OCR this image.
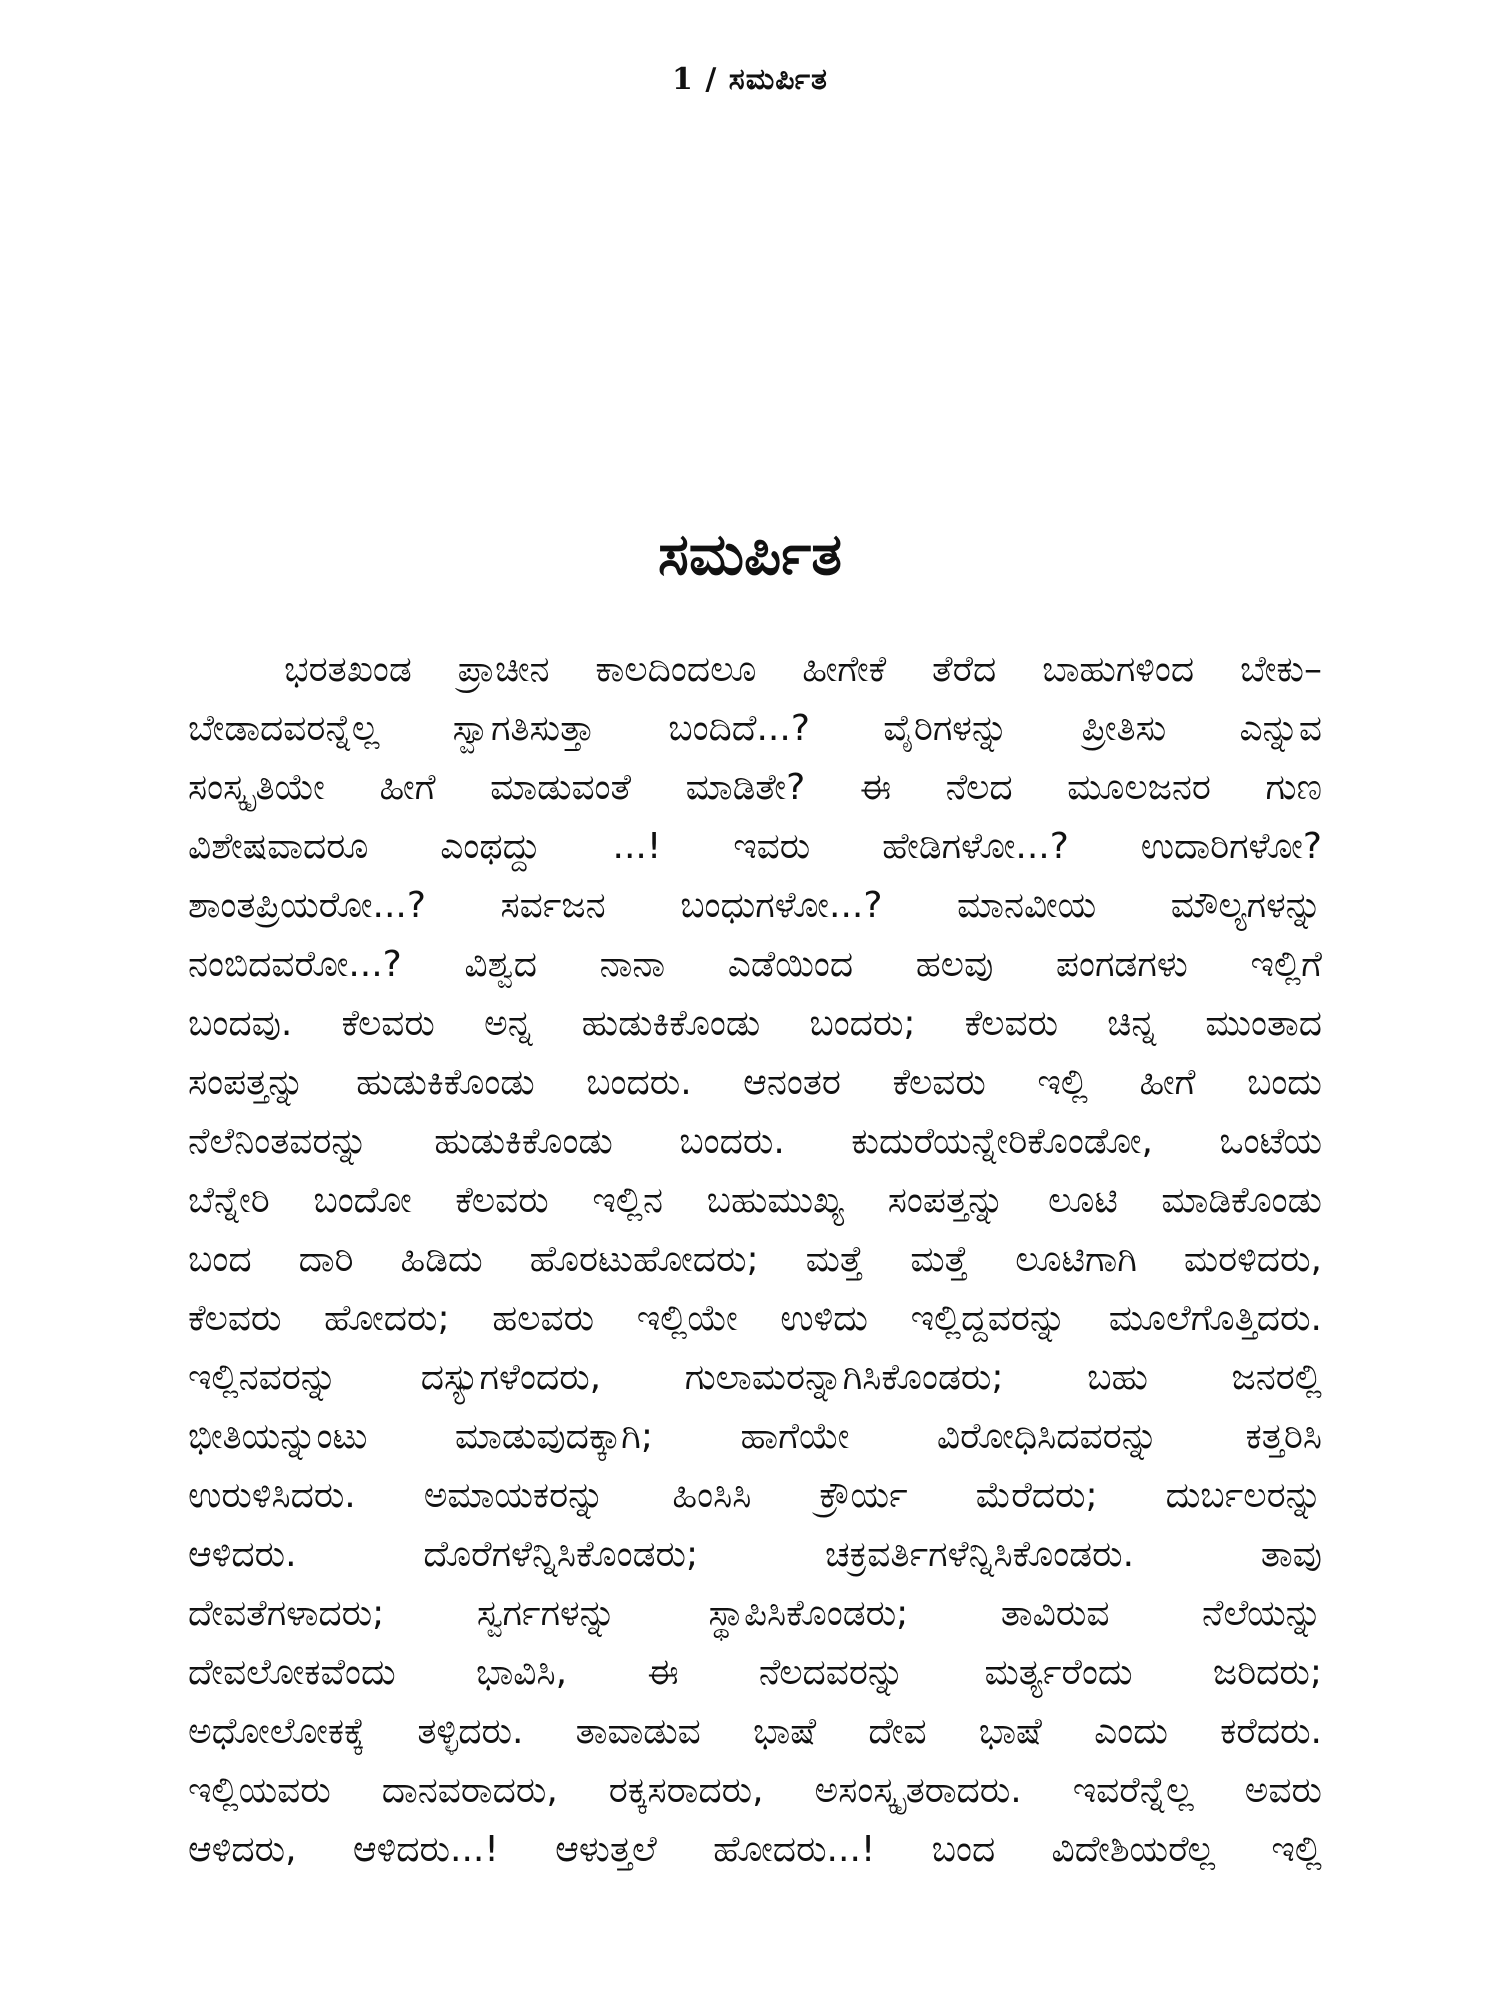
1 / ಸಮರ್ಪಿತ
ಸಮರ್ಪಿತ
ಭರತಖಂಡ ಪ್ರಾಚೀನ ಕಾಲದಿಂದಲೂ ಹೀಗೇಕೆ ತೆರೆದ ಬಾಹುಗಳಿಂದ ಬೇಕು–
ಬೇಡಾದವರನ್ನೆಲ್ಲ ಸ್ವಾಗತಿಸುತ್ತಾ ಬಂದಿದೆ...? ವೈರಿಗಳನ್ನು ಪ್ರೀತಿಸು ಎನ್ನುವ
ಸಂಸ್ಕೃತಿಯೇ ಹೀಗೆ ಮಾಡುವಂತೆ ಮಾಡಿತೇ? ಈ ನೆಲದ ಮೂಲಜನರ ಗುಣ
ವಿಶೇಷವಾದರೂ ಎಂಥದ್ದು ...! ಇವರು ಹೇಡಿಗಳೋ...? ಉದಾರಿಗಳೋ?
ಶಾಂತಪ್ರಿಯರೋ...? ಸರ್ವಜನ ಬಂಧುಗಳೋ...? ಮಾನವೀಯ ಮೌಲ್ಯಗಳನ್ನು
ನಂಬಿದವರೋ...? ವಿಶ್ವದ ನಾನಾ ಎಡೆಯಿಂದ ಹಲವು ಪಂಗಡಗಳು ಇಲ್ಲಿಗೆ
ಬಂದವು. ಕೆಲವರು ಅನ್ನ ಹುಡುಕಿಕೊಂಡು ಬಂದರು; ಕೆಲವರು ಚಿನ್ನ ಮುಂತಾದ
ಸಂಪತ್ತನ್ನು ಹುಡುಕಿಕೊಂಡು ಬಂದರು. ಆನಂತರ ಕೆಲವರು ಇಲ್ಲಿ ಹೀಗೆ ಬಂದು
ನೆಲೆನಿಂತವರನ್ನು ಹುಡುಕಿಕೊಂಡು ಬಂದರು. ಕುದುರೆಯನ್ನೇರಿಕೊಂಡೋ, ಒಂಟೆಯ
ಬೆನ್ನೇರಿ ಬಂದೋ ಕೆಲವರು ಇಲ್ಲಿನ ಬಹುಮುಖ್ಯ ಸಂಪತ್ತನ್ನು ಲೂಟಿ ಮಾಡಿಕೊಂಡು
ಬಂದ ದಾರಿ ಹಿಡಿದು ಹೊರಟುಹೋದರು; ಮತ್ತೆ ಮತ್ತೆ ಲೂಟಿಗಾಗಿ ಮರಳಿದರು,
ಕೆಲವರು ಹೋದರು; ಹಲವರು ಇಲ್ಲಿಯೇ ಉಳಿದು ಇಲ್ಲಿದ್ದವರನ್ನು ಮೂಲೆಗೊತ್ತಿದರು.
ಇಲ್ಲಿನವರನ್ನು ದಸ್ಯುಗಳೆಂದರು, ಗುಲಾಮರನ್ನಾಗಿಸಿಕೊಂಡರು; ಬಹು ಜನರಲ್ಲಿ
ಭೀತಿಯನ್ನುಂಟು ಮಾಡುವುದಕ್ಕಾಗಿ; ಹಾಗೆಯೇ ವಿರೋಧಿಸಿದವರನ್ನು ಕತ್ತರಿಸಿ
ಉರುಳಿಸಿದರು. ಅಮಾಯಕರನ್ನು ಹಿಂಸಿಸಿ ಕ್ರೌರ್ಯ ಮೆರೆದರು; ದುರ್ಬಲರನ್ನು
ಆಳಿದರು. ದೊರೆಗಳೆನ್ನಿಸಿಕೊಂಡರು; ಚಕ್ರವರ್ತಿಗಳೆನ್ನಿಸಿಕೊಂಡರು. ತಾವು
ದೇವತೆಗಳಾದರು; ಸ್ವರ್ಗಗಳನ್ನು ಸ್ಥಾಪಿಸಿಕೊಂಡರು; ತಾವಿರುವ ನೆಲೆಯನ್ನು
ದೇವಲೋಕವೆಂದು ಭಾವಿಸಿ, ಈ ನೆಲದವರನ್ನು ಮರ್ತ್ಯರೆಂದು ಜರಿದರು;
ಅಧೋಲೋಕಕ್ಕೆ ತಳ್ಳಿದರು. ತಾವಾಡುವ ಭಾಷೆ ದೇವ ಭಾಷೆ ಎಂದು ಕರೆದರು.
ಇಲ್ಲಿಯವರು ದಾನವರಾದರು, ರಕ್ಕಸರಾದರು, ಅಸಂಸ್ಕೃತರಾದರು. ಇವರೆನ್ನೆಲ್ಲ ಅವರು
ಆಳಿದರು, ಆಳಿದರು...! ಆಳುತ್ತಲೆ ಹೋದರು...! ಬಂದ ವಿದೇಶಿಯರೆಲ್ಲ ಇಲ್ಲಿ
